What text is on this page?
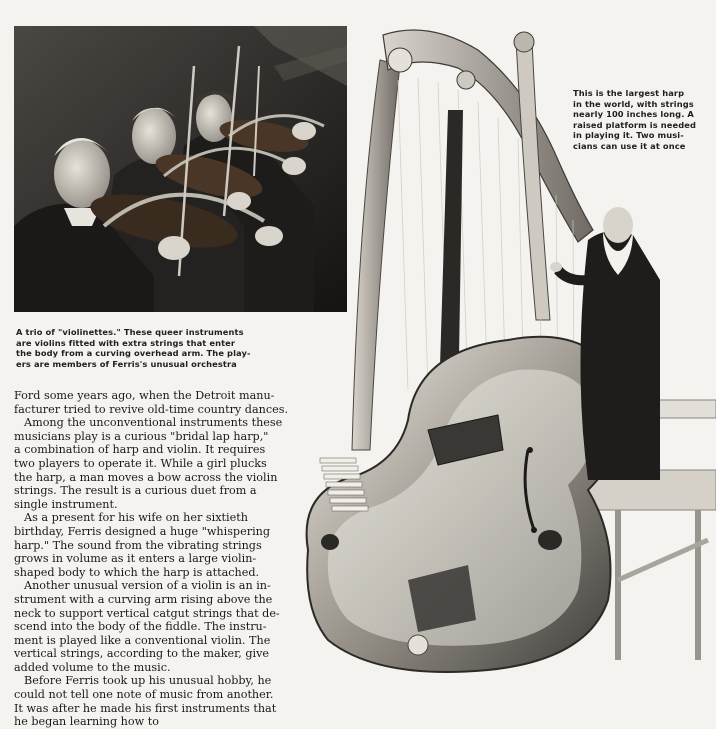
This is the largest harp
in the world, with strings
nearly 100 inches long. A
raised platform is needed
in playing it. Two musi-
cians can use it at once
A trio of "violinettes." These queer instruments
are violins fitted with extra strings that enter
the body from a curving overhead arm. The play-
ers are members of Ferris's unusual orchestra
Ford some years ago, when the Detroit manu-
facturer tried to revive old-time country dances.
Among the unconventional instruments these
musicians play is a curious "bridal lap harp,"
a combination of harp and violin. It requires
two players to operate it. While a girl plucks
the harp, a man moves a bow across the violin
strings. The result is a curious duet from a
single instrument.
As a present for his wife on her sixtieth
birthday, Ferris designed a huge "whispering
harp." The sound from the vibrating strings
grows in volume as it enters a large violin-
shaped body to which the harp is attached.
Another unusual version of a violin is an in-
strument with a curving arm rising above the
neck to support vertical catgut strings that de-
scend into the body of the fiddle. The instru-
ment is played like a conventional violin. The
vertical strings, according to the maker, give
added volume to the music.
Before Ferris took up his unusual hobby, he
could not tell one note of music from another.
It was after he made his first instruments that
he began learning how to
